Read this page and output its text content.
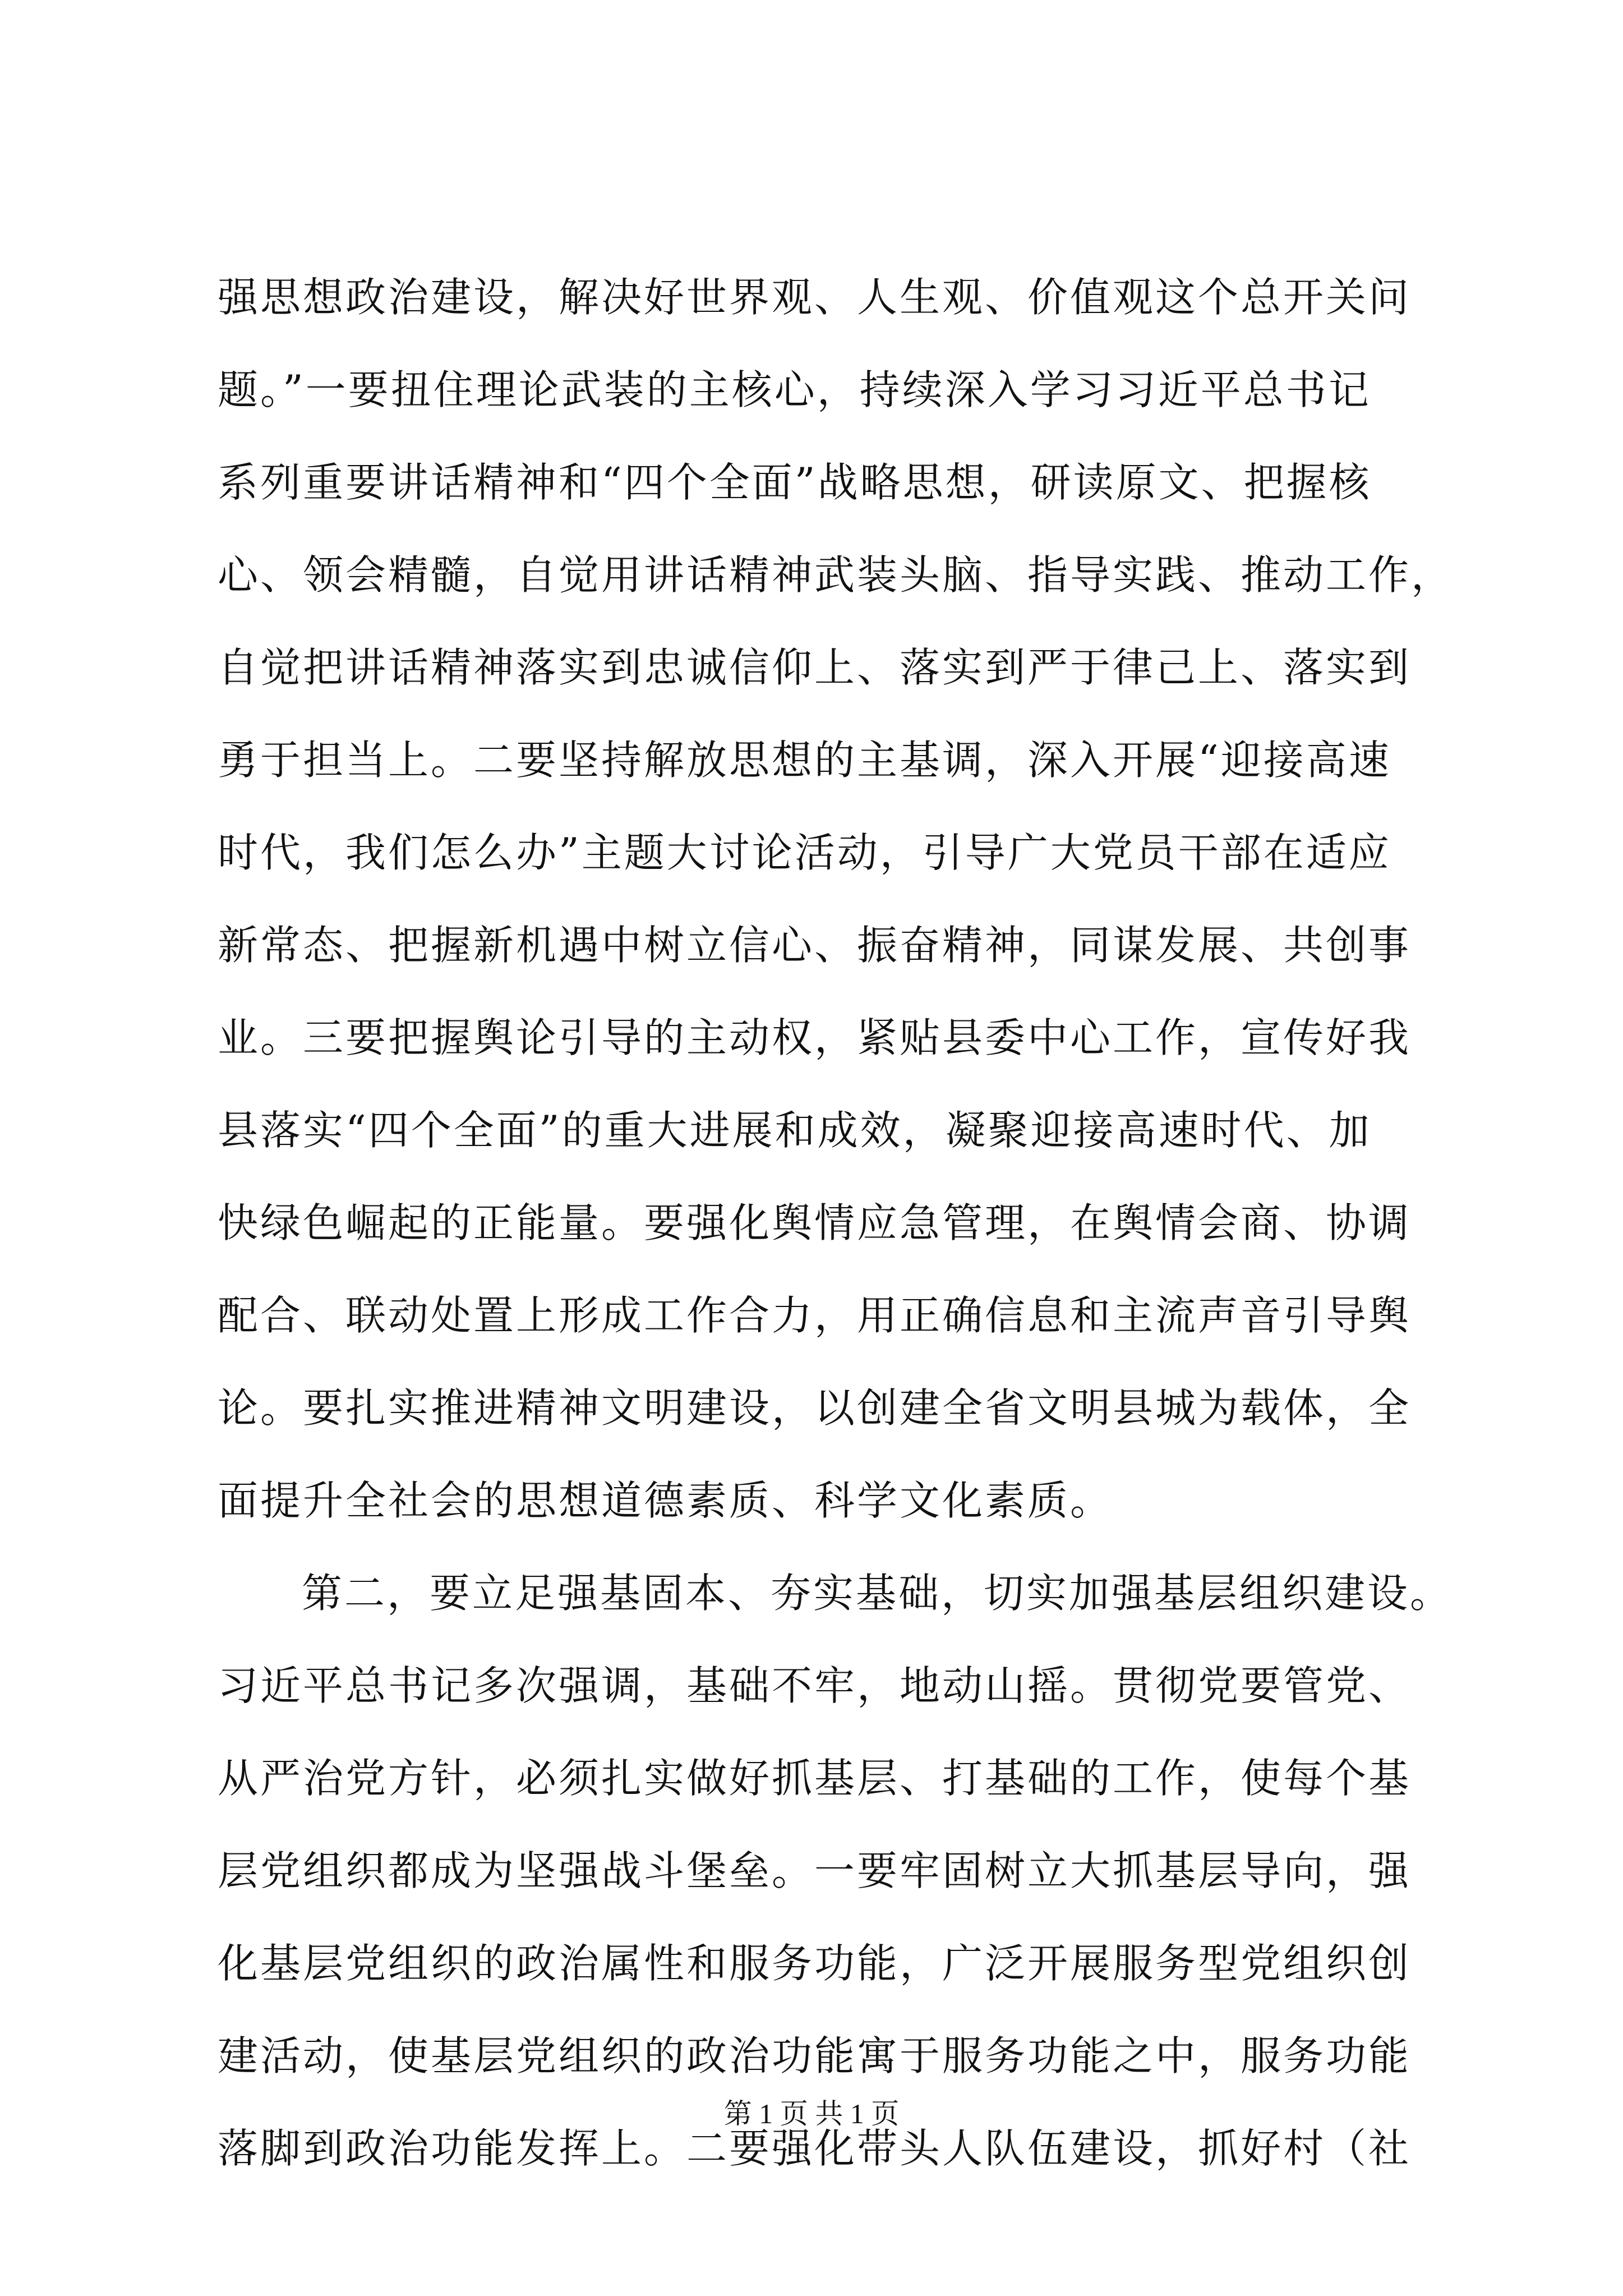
强思想政治建设，解决好世界观、人生观、价值观这个总开关问
题。”一要扭住理论武装的主核心，持续深入学习习近平总书记
系列重要讲话精神和“四个全面”战略思想，研读原文、把握核
心、领会精髓，自觉用讲话精神武装头脑、指导实践、推动工作，
自觉把讲话精神落实到忠诚信仰上、落实到严于律己上、落实到
勇于担当上。二要坚持解放思想的主基调，深入开展“迎接高速
时代，我们怎么办”主题大讨论活动，引导广大党员干部在适应
新常态、把握新机遇中树立信心、振奋精神，同谋发展、共创事
业。三要把握舆论引导的主动权，紧贴县委中心工作，宣传好我
县落实“四个全面”的重大进展和成效，凝聚迎接高速时代、加
快绿色崛起的正能量。要强化舆情应急管理，在舆情会商、协调
配合、联动处置上形成工作合力，用正确信息和主流声音引导舆
论。要扎实推进精神文明建设，以创建全省文明县城为载体，全
面提升全社会的思想道德素质、科学文化素质。
第二，要立足强基固本、夯实基础，切实加强基层组织建设。
习近平总书记多次强调，基础不牢，地动山摇。贯彻党要管党、
从严治党方针，必须扎实做好抓基层、打基础的工作，使每个基
层党组织都成为坚强战斗堡垒。一要牢固树立大抓基层导向，强
化基层党组织的政治属性和服务功能，广泛开展服务型党组织创
建活动，使基层党组织的政治功能寓于服务功能之中，服务功能
落脚到政治功能发挥上。二要强化带头人队伍建设，抓好村（社
第 1 页 共 1 页
